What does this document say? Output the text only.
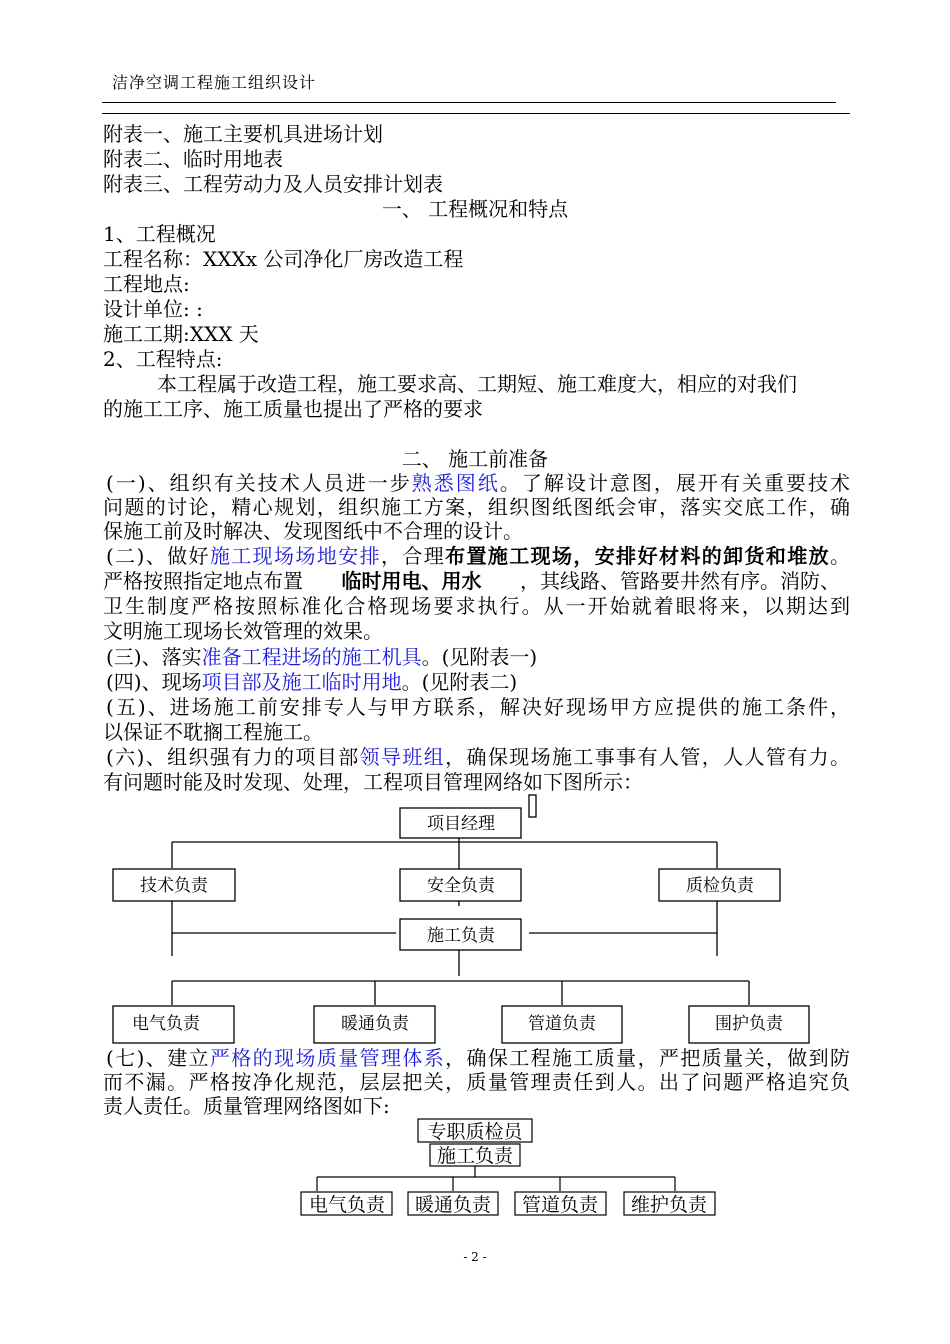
洁净空调工程施工组织设计
附表一、施工主要机具进场计划
附表二、临时用地表
附表三、工程劳动力及人员安排计划表
一、 工程概况和特点
1、工程概况
工程名称：XXXx 公司净化厂房改造工程
工程地点:
设计单位: :
施工工期:XXX 天
2、工程特点:
本工程属于改造工程，施工要求高、工期短、施工难度大，相应的对我们
的施工工序、施工质量也提出了严格的要求
二、 施工前准备
(一)、组织有关技术人员进一步熟悉图纸。了解设计意图，展开有关重要技术
问题的讨论，精心规划，组织施工方案，组织图纸图纸会审，落实交底工作，确
保施工前及时解决、发现图纸中不合理的设计。
(二)、做好施工现场场地安排，合理布置施工现场，安排好材料的卸货和堆放。
严格按照指定地点布置 临时用电、用水 ，其线路、管路要井然有序。消防、
卫生制度严格按照标准化合格现场要求执行。从一开始就着眼将来，以期达到
文明施工现场长效管理的效果。
(三)、落实准备工程进场的施工机具。(见附表一)
(四)、现场项目部及施工临时用地。(见附表二)
(五)、进场施工前安排专人与甲方联系，解决好现场甲方应提供的施工条件，
以保证不耽搁工程施工。
(六)、组织强有力的项目部领导班组，确保现场施工事事有人管，人人管有力。
有问题时能及时发现、处理，工程项目管理网络如下图所示：
项目经理
技术负责	安全负责	质检负责
施工负责
电气负责	暖通负责	管道负责	围护负责
(七)、建立严格的现场质量管理体系，确保工程施工质量，严把质量关，做到防
而不漏。严格按净化规范，层层把关，质量管理责任到人。出了问题严格追究负
责人责任。质量管理网络图如下:
专职质检员
施工负责
电气负责 暖通负责 管道负责 维护负责
- 2 -
